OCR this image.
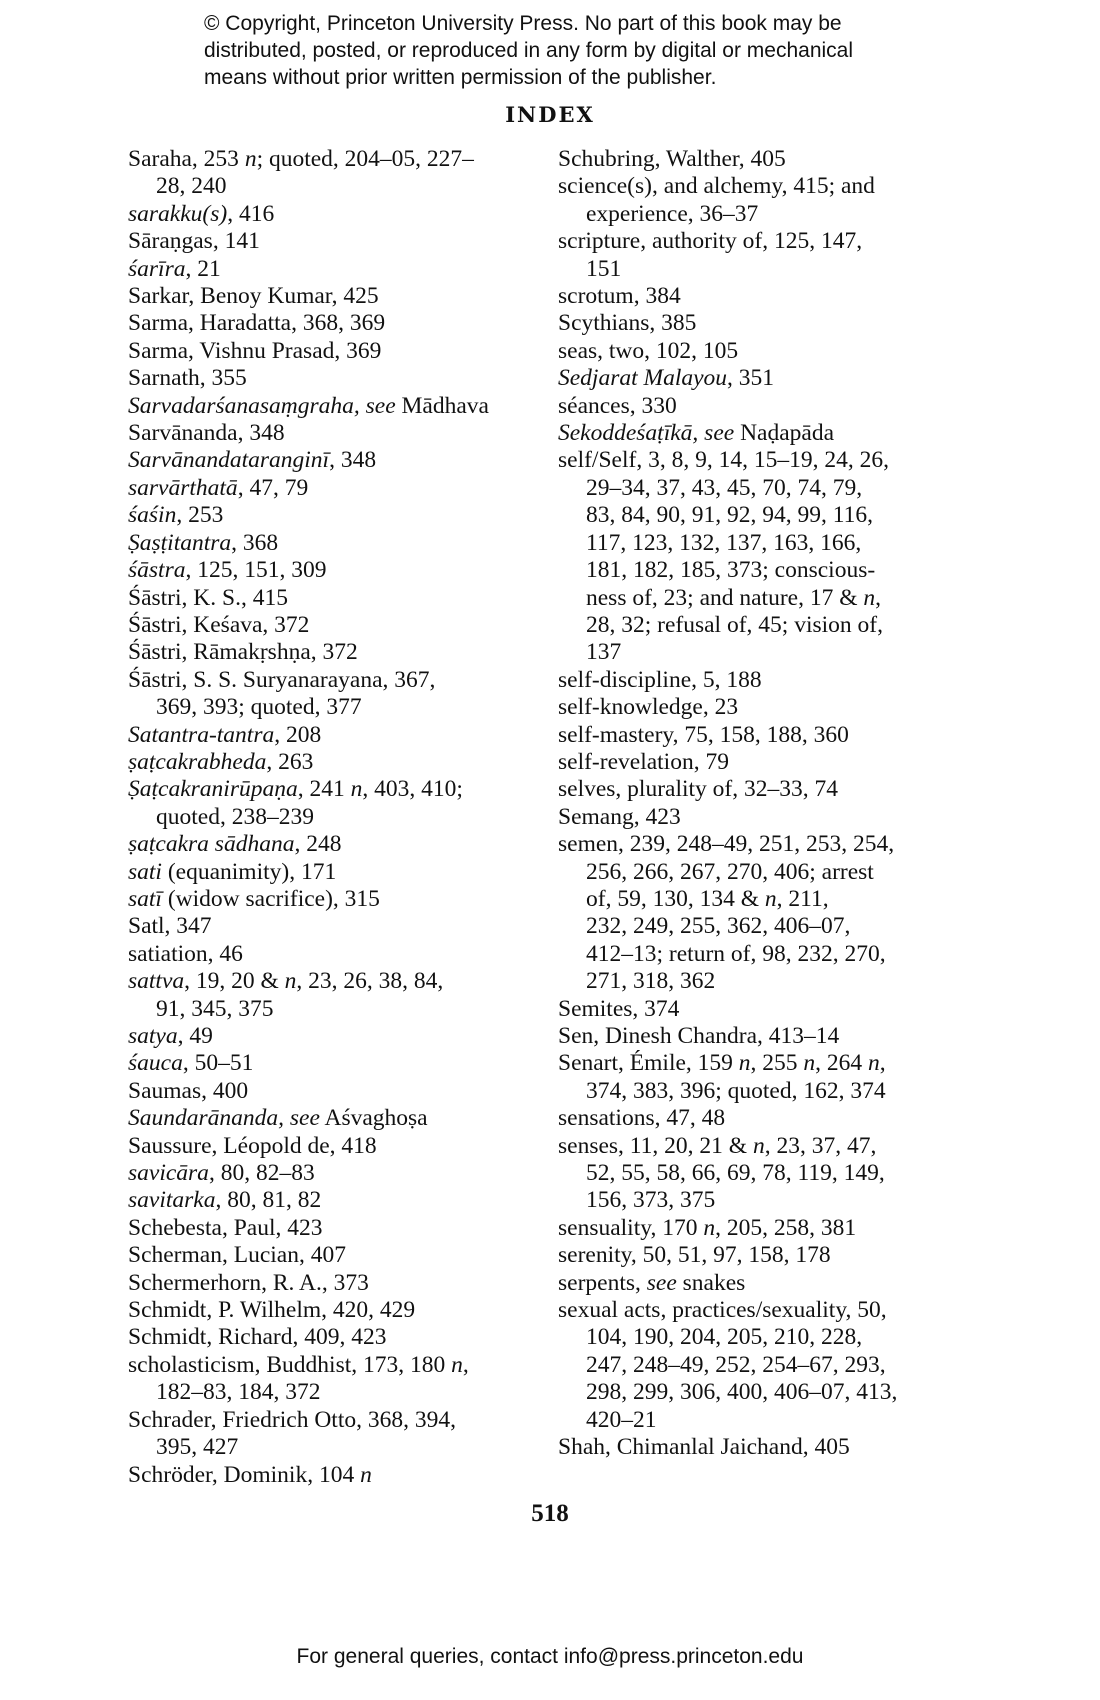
© Copyright, Princeton University Press. No part of this book may be
distributed, posted, or reproduced in any form by digital or mechanical
means without prior written permission of the publisher.
INDEX
Saraha, 253 n; quoted, 204–05, 227–
28, 240
sarakku(s), 416
Sāraṇgas, 141
śarīra, 21
Sarkar, Benoy Kumar, 425
Sarma, Haradatta, 368, 369
Sarma, Vishnu Prasad, 369
Sarnath, 355
Sarvadarśanasaṃgraha, see Mādhava
Sarvānanda, 348
Sarvānandataranginī, 348
sarvārthatā, 47, 79
śaśin, 253
Ṣaṣṭitantra, 368
śāstra, 125, 151, 309
Śāstri, K. S., 415
Śāstri, Keśava, 372
Śāstri, Rāmakṛshṇa, 372
Śāstri, S. S. Suryanarayana, 367,
369, 393; quoted, 377
Satantra-tantra, 208
ṣaṭcakrabheda, 263
Ṣaṭcakranirūpaṇa, 241 n, 403, 410;
quoted, 238–239
ṣaṭcakra sādhana, 248
sati (equanimity), 171
satī (widow sacrifice), 315
Satl, 347
satiation, 46
sattva, 19, 20 & n, 23, 26, 38, 84,
91, 345, 375
satya, 49
śauca, 50–51
Saumas, 400
Saundarānanda, see Aśvaghoṣa
Saussure, Léopold de, 418
savicāra, 80, 82–83
savitarka, 80, 81, 82
Schebesta, Paul, 423
Scherman, Lucian, 407
Schermerhorn, R. A., 373
Schmidt, P. Wilhelm, 420, 429
Schmidt, Richard, 409, 423
scholasticism, Buddhist, 173, 180 n,
182–83, 184, 372
Schrader, Friedrich Otto, 368, 394,
395, 427
Schröder, Dominik, 104 n
Schubring, Walther, 405
science(s), and alchemy, 415; and
experience, 36–37
scripture, authority of, 125, 147,
151
scrotum, 384
Scythians, 385
seas, two, 102, 105
Sedjarat Malayou, 351
séances, 330
Sekoddeśaṭīkā, see Naḍapāda
self/Self, 3, 8, 9, 14, 15–19, 24, 26,
29–34, 37, 43, 45, 70, 74, 79,
83, 84, 90, 91, 92, 94, 99, 116,
117, 123, 132, 137, 163, 166,
181, 182, 185, 373; conscious-
ness of, 23; and nature, 17 & n,
28, 32; refusal of, 45; vision of,
137
self-discipline, 5, 188
self-knowledge, 23
self-mastery, 75, 158, 188, 360
self-revelation, 79
selves, plurality of, 32–33, 74
Semang, 423
semen, 239, 248–49, 251, 253, 254,
256, 266, 267, 270, 406; arrest
of, 59, 130, 134 & n, 211,
232, 249, 255, 362, 406–07,
412–13; return of, 98, 232, 270,
271, 318, 362
Semites, 374
Sen, Dinesh Chandra, 413–14
Senart, Émile, 159 n, 255 n, 264 n,
374, 383, 396; quoted, 162, 374
sensations, 47, 48
senses, 11, 20, 21 & n, 23, 37, 47,
52, 55, 58, 66, 69, 78, 119, 149,
156, 373, 375
sensuality, 170 n, 205, 258, 381
serenity, 50, 51, 97, 158, 178
serpents, see snakes
sexual acts, practices/sexuality, 50,
104, 190, 204, 205, 210, 228,
247, 248–49, 252, 254–67, 293,
298, 299, 306, 400, 406–07, 413,
420–21
Shah, Chimanlal Jaichand, 405
518
For general queries, contact info@press.princeton.edu
